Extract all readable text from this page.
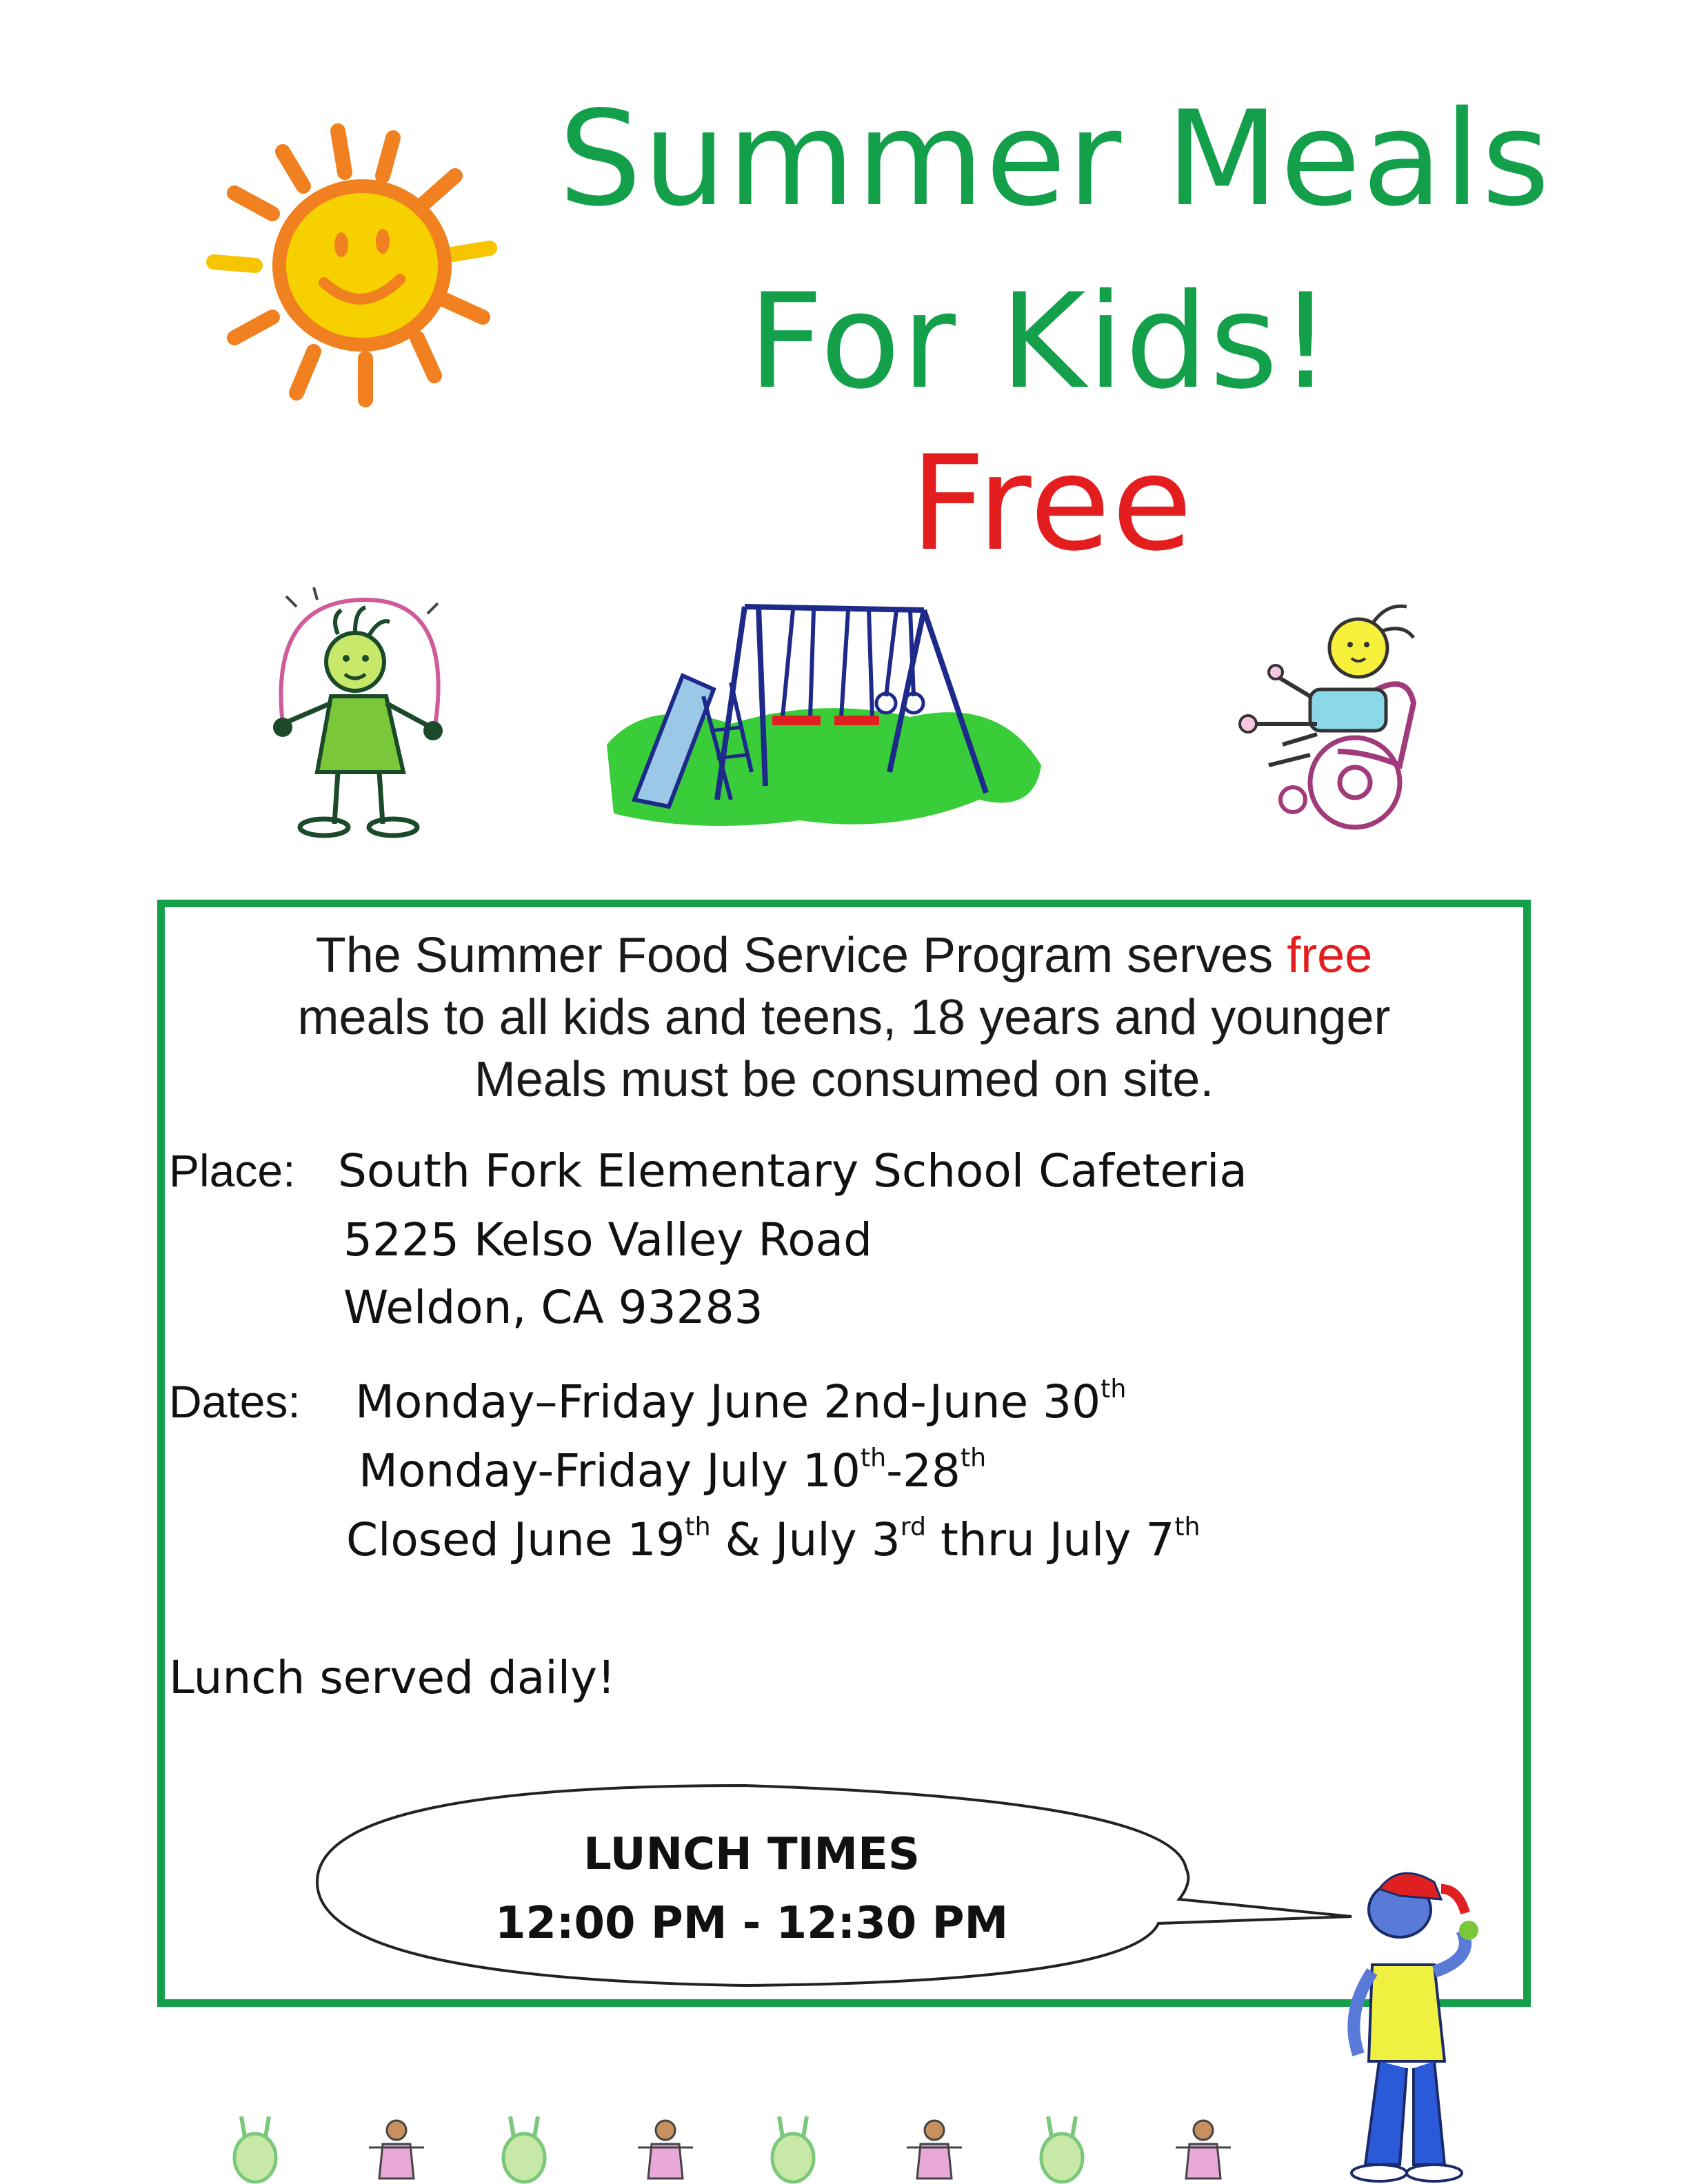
Summer Meals
For Kids!
Free
The Summer Food Service Program serves free
meals to all kids and teens, 18 years and younger
Meals must be consumed on site.
Place: South Fork Elementary School Cafeteria
5225 Kelso Valley Road
Weldon, CA 93283
Dates: Monday–Friday June 2nd-June 30th
Monday-Friday July 10th-28th
Closed June 19th & July 3rd thru July 7th
Lunch served daily!
LUNCH TIMES
12:00 PM - 12:30 PM
